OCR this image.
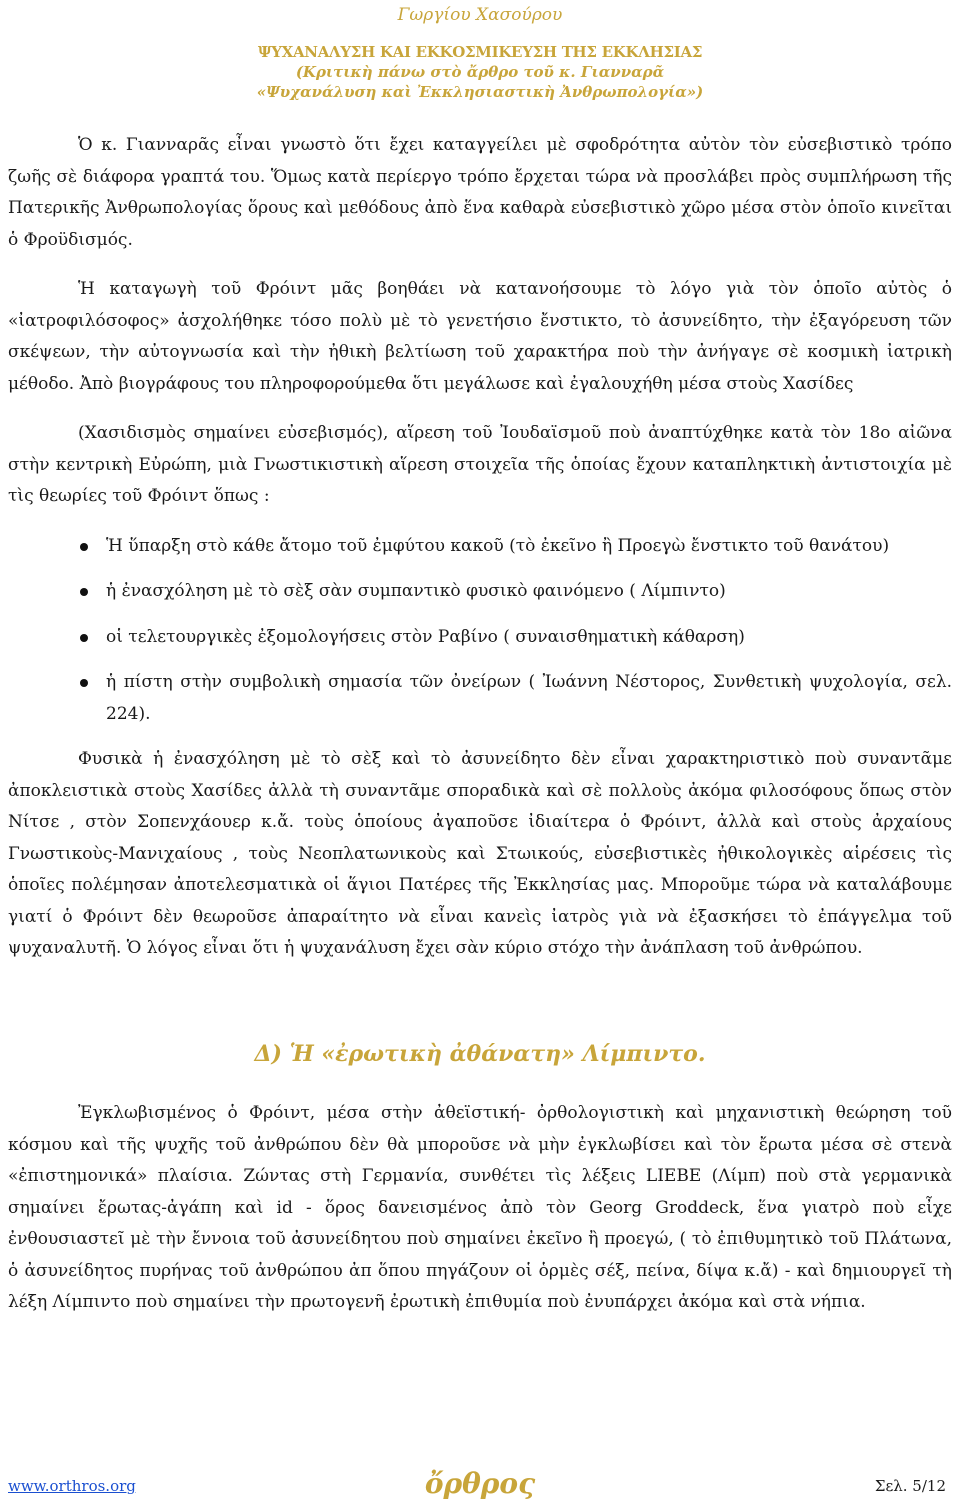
Γωργίου Χασούρου
ΨΥΧΑΝΑΛΥΣΗ ΚΑΙ ΕΚΚΟΣΜΙΚΕΥΣΗ ΤΗΣ ΕΚΚΛΗΣΙΑΣ
(Κριτικὴ πάνω στὸ ἄρθρο τοῦ κ. Γιανναρᾶ
«Ψυχανάλυση καὶ Ἐκκλησιαστικὴ Ἀνθρωπολογία»)

Ὁ κ. Γιανναρᾶς εἶναι γνωστὸ ὅτι ἔχει καταγγείλει μὲ σφοδρότητα αὐτὸν τὸν εὐσεβιστικὸ τρόπο ζωῆς σὲ διάφορα γραπτά του. Ὅμως κατὰ περίεργο τρόπο ἔρχεται τώρα νὰ προσλάβει πρὸς συμπλήρωση τῆς Πατερικῆς Ἀνθρωπολογίας ὅρους καὶ μεθόδους ἀπὸ ἕνα καθαρὰ εὐσεβιστικὸ χῶρο μέσα στὸν ὁποῖο κινεῖται ὁ Φροϋδισμός.

Ἡ καταγωγὴ τοῦ Φρόιντ μᾶς βοηθάει νὰ κατανοήσουμε τὸ λόγο γιὰ τὸν ὁποῖο αὐτὸς ὁ «ἰατροφιλόσοφος» ἀσχολήθηκε τόσο πολὺ μὲ τὸ γενετήσιο ἔνστικτο, τὸ ἀσυνείδητο, τὴν ἐξαγόρευση τῶν σκέψεων, τὴν αὐτογνωσία καὶ τὴν ἠθικὴ βελτίωση τοῦ χαρακτήρα ποὺ τὴν ἀνήγαγε σὲ κοσμικὴ ἰατρικὴ μέθοδο. Ἀπὸ βιογράφους του πληροφορούμεθα ὅτι μεγάλωσε καὶ ἐγαλουχήθη μέσα στοὺς Χασίδες

(Χασιδισμὸς σημαίνει εὐσεβισμός), αἵρεση τοῦ Ἰουδαϊσμοῦ ποὺ ἀναπτύχθηκε κατὰ τὸν 18ο αἰῶνα στὴν κεντρικὴ Εὐρώπη, μιὰ Γνωστικιστικὴ αἵρεση στοιχεῖα τῆς ὁποίας ἔχουν καταπληκτικὴ ἀντιστοιχία μὲ τὶς θεωρίες τοῦ Φρόιντ ὅπως :

Ἡ ὕπαρξη στὸ κάθε ἄτομο τοῦ ἐμφύτου κακοῦ (τὸ ἐκεῖνο ἢ Προεγὼ ἔνστικτο τοῦ θανάτου)
ἡ ἐνασχόληση μὲ τὸ σὲξ σὰν συμπαντικὸ φυσικὸ φαινόμενο ( Λίμπιντο)
οἱ τελετουργικὲς ἐξομολογήσεις στὸν Ραβίνο ( συναισθηματικὴ κάθαρση)
ἡ πίστη στὴν συμβολικὴ σημασία τῶν ὀνείρων ( Ἰωάννη Νέστορος, Συνθετικὴ ψυχολογία, σελ. 224).

Φυσικὰ ἡ ἐνασχόληση μὲ τὸ σὲξ καὶ τὸ ἀσυνείδητο δὲν εἶναι χαρακτηριστικὸ ποὺ συναντᾶμε ἀποκλειστικὰ στοὺς Χασίδες ἀλλὰ τὴ συναντᾶμε σποραδικὰ καὶ σὲ πολλοὺς ἀκόμα φιλοσόφους ὅπως στὸν Νίτσε , στὸν Σοπενχάουερ κ.ἄ. τοὺς ὁποίους ἀγαποῦσε ἰδιαίτερα ὁ Φρόιντ, ἀλλὰ καὶ στοὺς ἀρχαίους Γνωστικοὺς-Μανιχαίους , τοὺς Νεοπλατωνικοὺς καὶ Στωικούς, εὐσεβιστικὲς ἠθικολογικὲς αἱρέσεις τὶς ὁποῖες πολέμησαν ἀποτελεσματικὰ οἱ ἅγιοι Πατέρες τῆς Ἐκκλησίας μας. Μποροῦμε τώρα νὰ καταλάβουμε γιατί ὁ Φρόιντ δὲν θεωροῦσε ἀπαραίτητο νὰ εἶναι κανεὶς ἰατρὸς γιὰ νὰ ἐξασκήσει τὸ ἐπάγγελμα τοῦ ψυχαναλυτῆ. Ὁ λόγος εἶναι ὅτι ἡ ψυχανάλυση ἔχει σὰν κύριο στόχο τὴν ἀνάπλαση τοῦ ἀνθρώπου.

Δ) Ἡ «ἐρωτικὴ ἀθάνατη» Λίμπιντο.

Ἐγκλωβισμένος ὁ Φρόιντ, μέσα στὴν ἀθεϊστική- ὀρθολογιστικὴ καὶ μηχανιστικὴ θεώρηση τοῦ κόσμου καὶ τῆς ψυχῆς τοῦ ἀνθρώπου δὲν θὰ μποροῦσε νὰ μὴν ἐγκλωβίσει καὶ τὸν ἔρωτα μέσα σὲ στενὰ «ἐπιστημονικά» πλαίσια. Ζώντας στὴ Γερμανία, συνθέτει τὶς λέξεις LIEBE (Λίμπ) ποὺ στὰ γερμανικὰ σημαίνει ἔρωτας-ἀγάπη καὶ id - ὅρος δανεισμένος ἀπὸ τὸν Georg Groddeck, ἕνα γιατρὸ ποὺ εἶχε ἐνθουσιαστεῖ μὲ τὴν ἔννοια τοῦ ἀσυνείδητου ποὺ σημαίνει ἐκεῖνο ἢ προεγώ, ( τὸ ἐπιθυμητικὸ τοῦ Πλάτωνα, ὁ ἀσυνείδητος πυρήνας τοῦ ἀνθρώπου ἀπ ὅπου πηγάζουν οἱ ὁρμὲς σέξ, πείνα, δίψα κ.ἄ) - καὶ δημιουργεῖ τὴ λέξη Λίμπιντο ποὺ σημαίνει τὴν πρωτογενῆ ἐρωτικὴ ἐπιθυμία ποὺ ἐνυπάρχει ἀκόμα καὶ στὰ νήπια.

www.orthros.org	ὄρθρος	Σελ. 5/12
